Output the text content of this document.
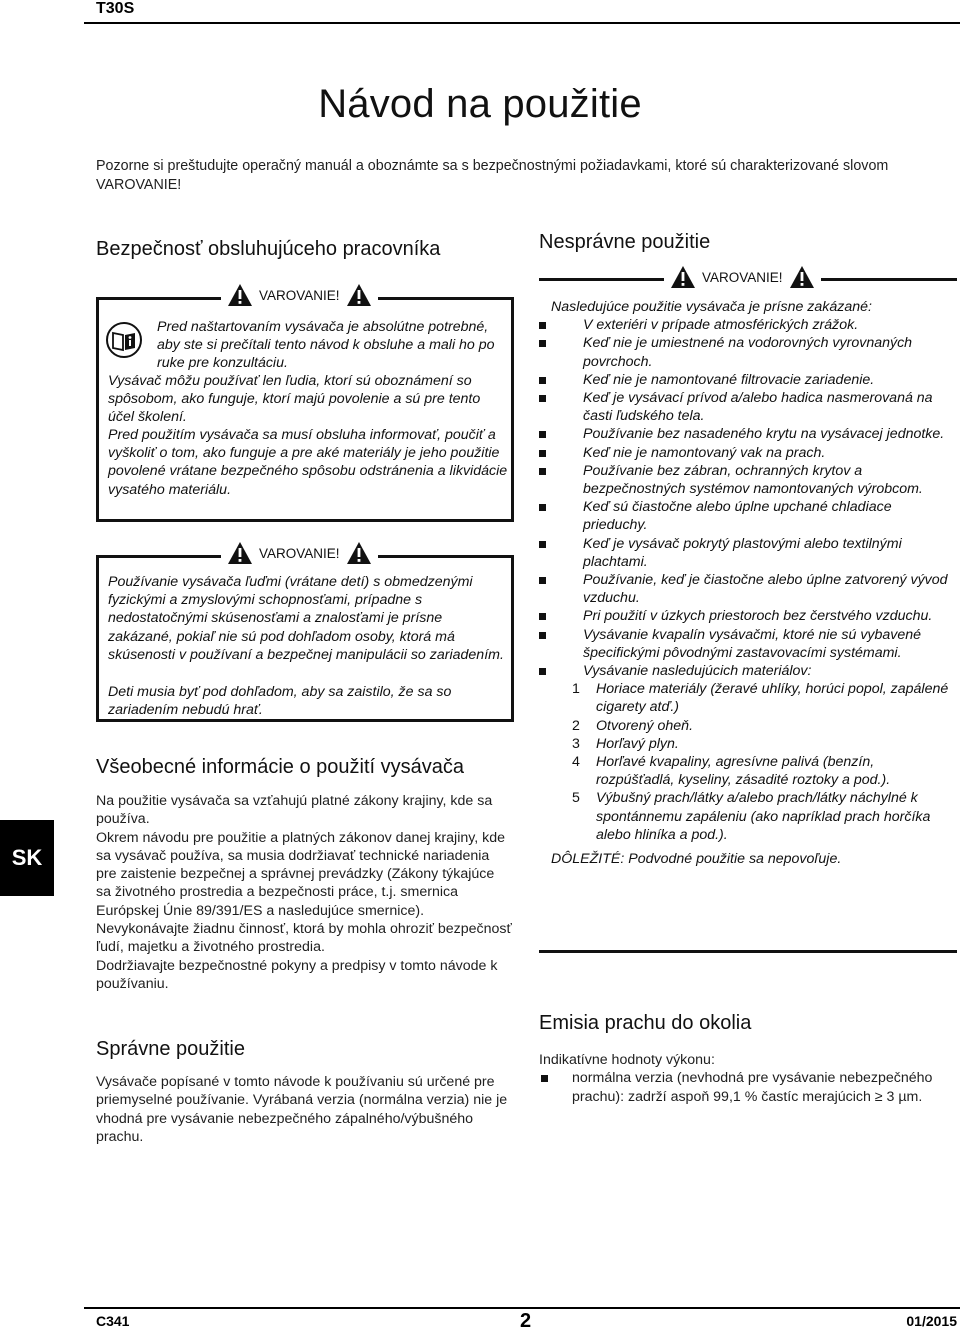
T30S
Návod na použitie
Pozorne si preštudujte operačný manuál a oboznámte sa s bezpečnostnými požiadavkami, ktoré sú charakterizované slovom VAROVANIE!
SK
Bezpečnosť obsluhujúceho pracovníka
VAROVANIE!
Pred naštartovaním vysávača je absolútne potrebné, aby ste si prečítali tento návod k obsluhe a mali ho po ruke pre konzultáciu.
Vysávač môžu používať len ľudia, ktorí sú oboznámení so spôsobom, ako funguje, ktorí majú povolenie a sú pre tento účel školení.
Pred použitím vysávača sa musí obsluha informovať, poučiť a vyškoliť o tom, ako funguje a pre aké materiály je jeho použitie povolené vrátane bezpečného spôsobu odstránenia a likvidácie vysatého materiálu.
VAROVANIE!
Používanie vysávača ľuďmi (vrátane detí) s obmedzenými fyzickými a zmyslovými schopnosťami, prípadne s nedostatočnými skúsenosťami a znalosťami je prísne zakázané, pokiaľ nie sú pod dohľadom osoby, ktorá má skúsenosti v používaní a bezpečnej manipulácii so zariadením.
Deti musia byť pod dohľadom, aby sa zaistilo, že sa so zariadením nebudú hrať.
Všeobecné informácie o použití vysávača
Na použitie vysávača sa vzťahujú platné zákony krajiny, kde sa používa.
Okrem návodu pre použitie a platných zákonov danej krajiny, kde sa vysávač používa, sa musia dodržiavať technické nariadenia pre zaistenie bezpečnej a správnej prevádzky (Zákony týkajúce sa životného prostredia a bezpečnosti práce, t.j. smernica Európskej Únie 89/391/ES a nasledujúce smernice).
Nevykonávajte žiadnu činnosť, ktorá by mohla ohroziť bezpečnosť ľudí, majetku a životného prostredia.
Dodržiavajte bezpečnostné pokyny a predpisy v tomto návode k používaniu.
Správne použitie
Vysávače popísané v tomto návode k používaniu sú určené pre priemyselné používanie. Vyrábaná verzia (normálna verzia) nie je vhodná pre vysávanie nebezpečného zápalného/výbušného prachu.
Nesprávne použitie
VAROVANIE!
Nasledujúce použitie vysávača je prísne zakázané:
V exteriéri v prípade atmosférických zrážok.
Keď nie je umiestnené na vodorovných vyrovnaných povrchoch.
Keď nie je namontované filtrovacie zariadenie.
Keď je vysávací prívod a/alebo hadica nasmerovaná na časti ľudského tela.
Používanie bez nasadeného krytu na vysávacej jednotke.
Keď nie je namontovaný vak na prach.
Používanie bez zábran, ochranných krytov a bezpečnostných systémov namontovaných výrobcom.
Keď sú čiastočne alebo úplne upchané chladiace prieduchy.
Keď je vysávač pokrytý plastovými alebo textilnými plachtami.
Používanie, keď je čiastočne alebo úplne zatvorený vývod vzduchu.
Pri použití v úzkych priestoroch bez čerstvého vzduchu.
Vysávanie kvapalín vysávačmi, ktoré nie sú vybavené špecifickými pôvodnými zastavovacími systémami.
Vysávanie nasledujúcich materiálov:
1 Horiace materiály (žeravé uhlíky, horúci popol, zapálené cigarety atď.)
2 Otvorený oheň.
3 Horľavý plyn.
4 Horľavé kvapaliny, agresívne palivá (benzín, rozpúšťadlá, kyseliny, zásadité roztoky a pod.).
5 Výbušný prach/látky a/alebo prach/látky náchylné k spontánnemu zapáleniu (ako napríklad prach horčíka alebo hliníka a pod.).
DÔLEŽITÉ: Podvodné použitie sa nepovoľuje.
Emisia prachu do okolia
Indikatívne hodnoty výkonu:
normálna verzia (nevhodná pre vysávanie nebezpečného prachu): zadrží aspoň 99,1 % častíc merajúcich ≥ 3 µm.
C341	2	01/2015
